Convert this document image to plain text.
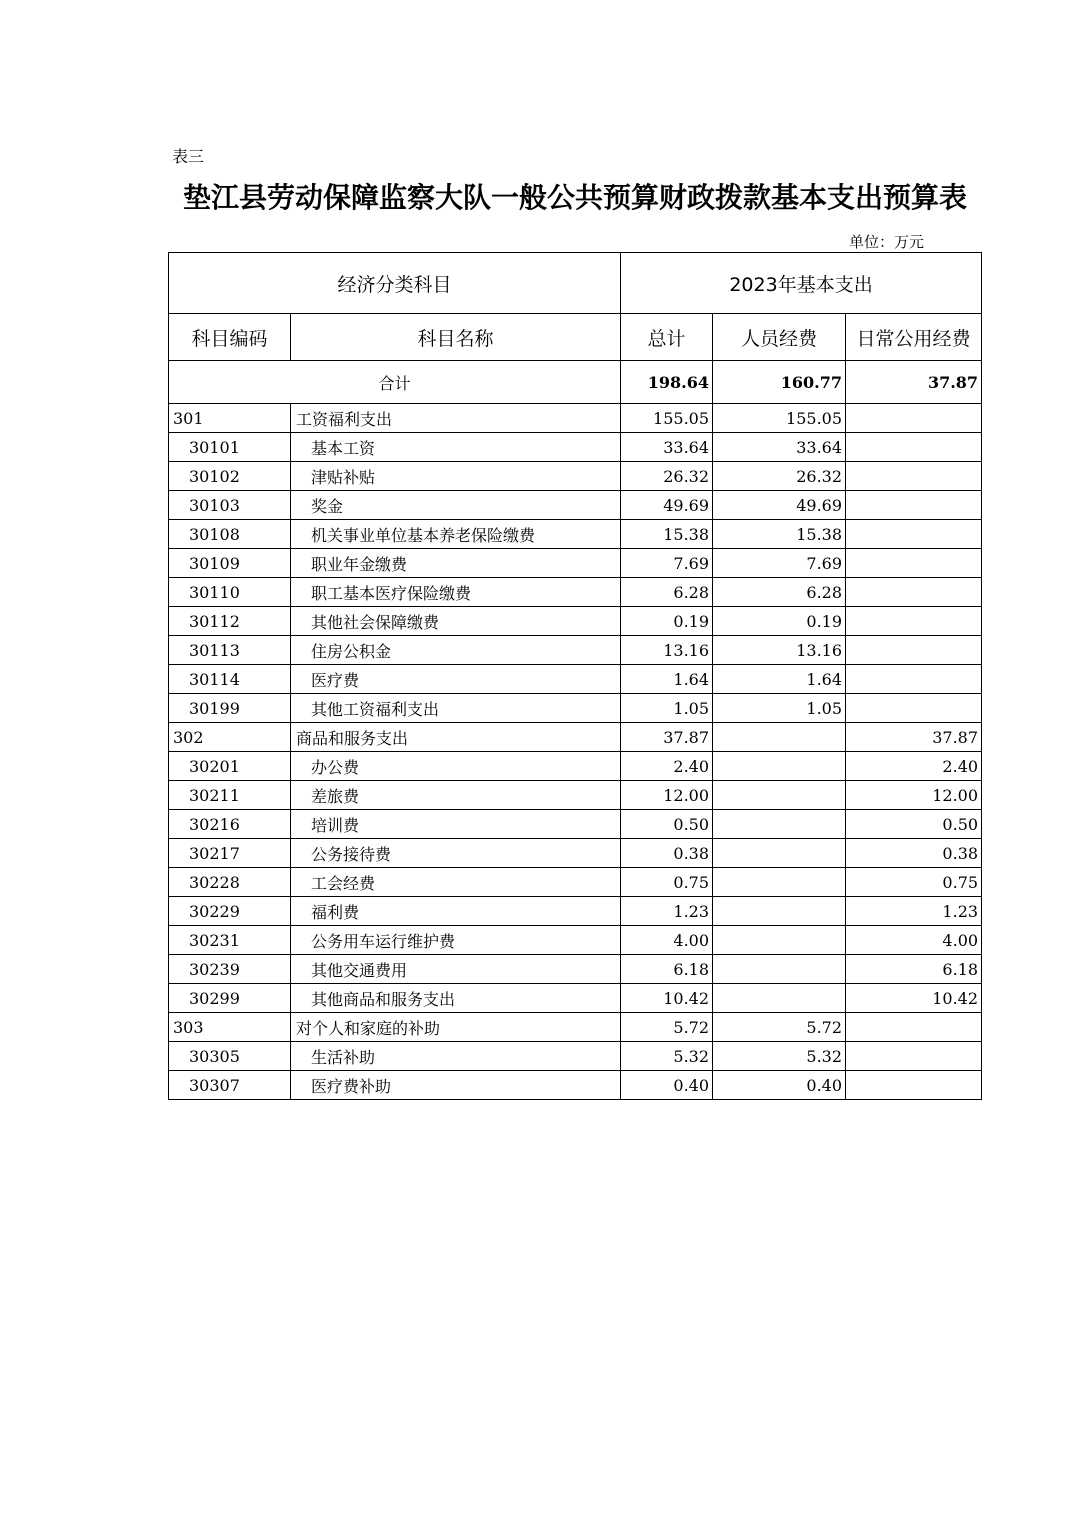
表三
垫江县劳动保障监察大队一般公共预算财政拨款基本支出预算表
单位：万元
经济分类科目		2023年基本支出		
科目编码	科目名称	总计	人员经费	日常公用经费
合计		198.64	160.77	37.87
301	工资福利支出	155.05	155.05	
30101	基本工资	33.64	33.64	
30102	津贴补贴	26.32	26.32	
30103	奖金	49.69	49.69	
30108	机关事业单位基本养老保险缴费	15.38	15.38	
30109	职业年金缴费	7.69	7.69	
30110	职工基本医疗保险缴费	6.28	6.28	
30112	其他社会保障缴费	0.19	0.19	
30113	住房公积金	13.16	13.16	
30114	医疗费	1.64	1.64	
30199	其他工资福利支出	1.05	1.05	
302	商品和服务支出	37.87		37.87
30201	办公费	2.40		2.40
30211	差旅费	12.00		12.00
30216	培训费	0.50		0.50
30217	公务接待费	0.38		0.38
30228	工会经费	0.75		0.75
30229	福利费	1.23		1.23
30231	公务用车运行维护费	4.00		4.00
30239	其他交通费用	6.18		6.18
30299	其他商品和服务支出	10.42		10.42
303	对个人和家庭的补助	5.72	5.72	
30305	生活补助	5.32	5.32	
30307	医疗费补助	0.40	0.40	
